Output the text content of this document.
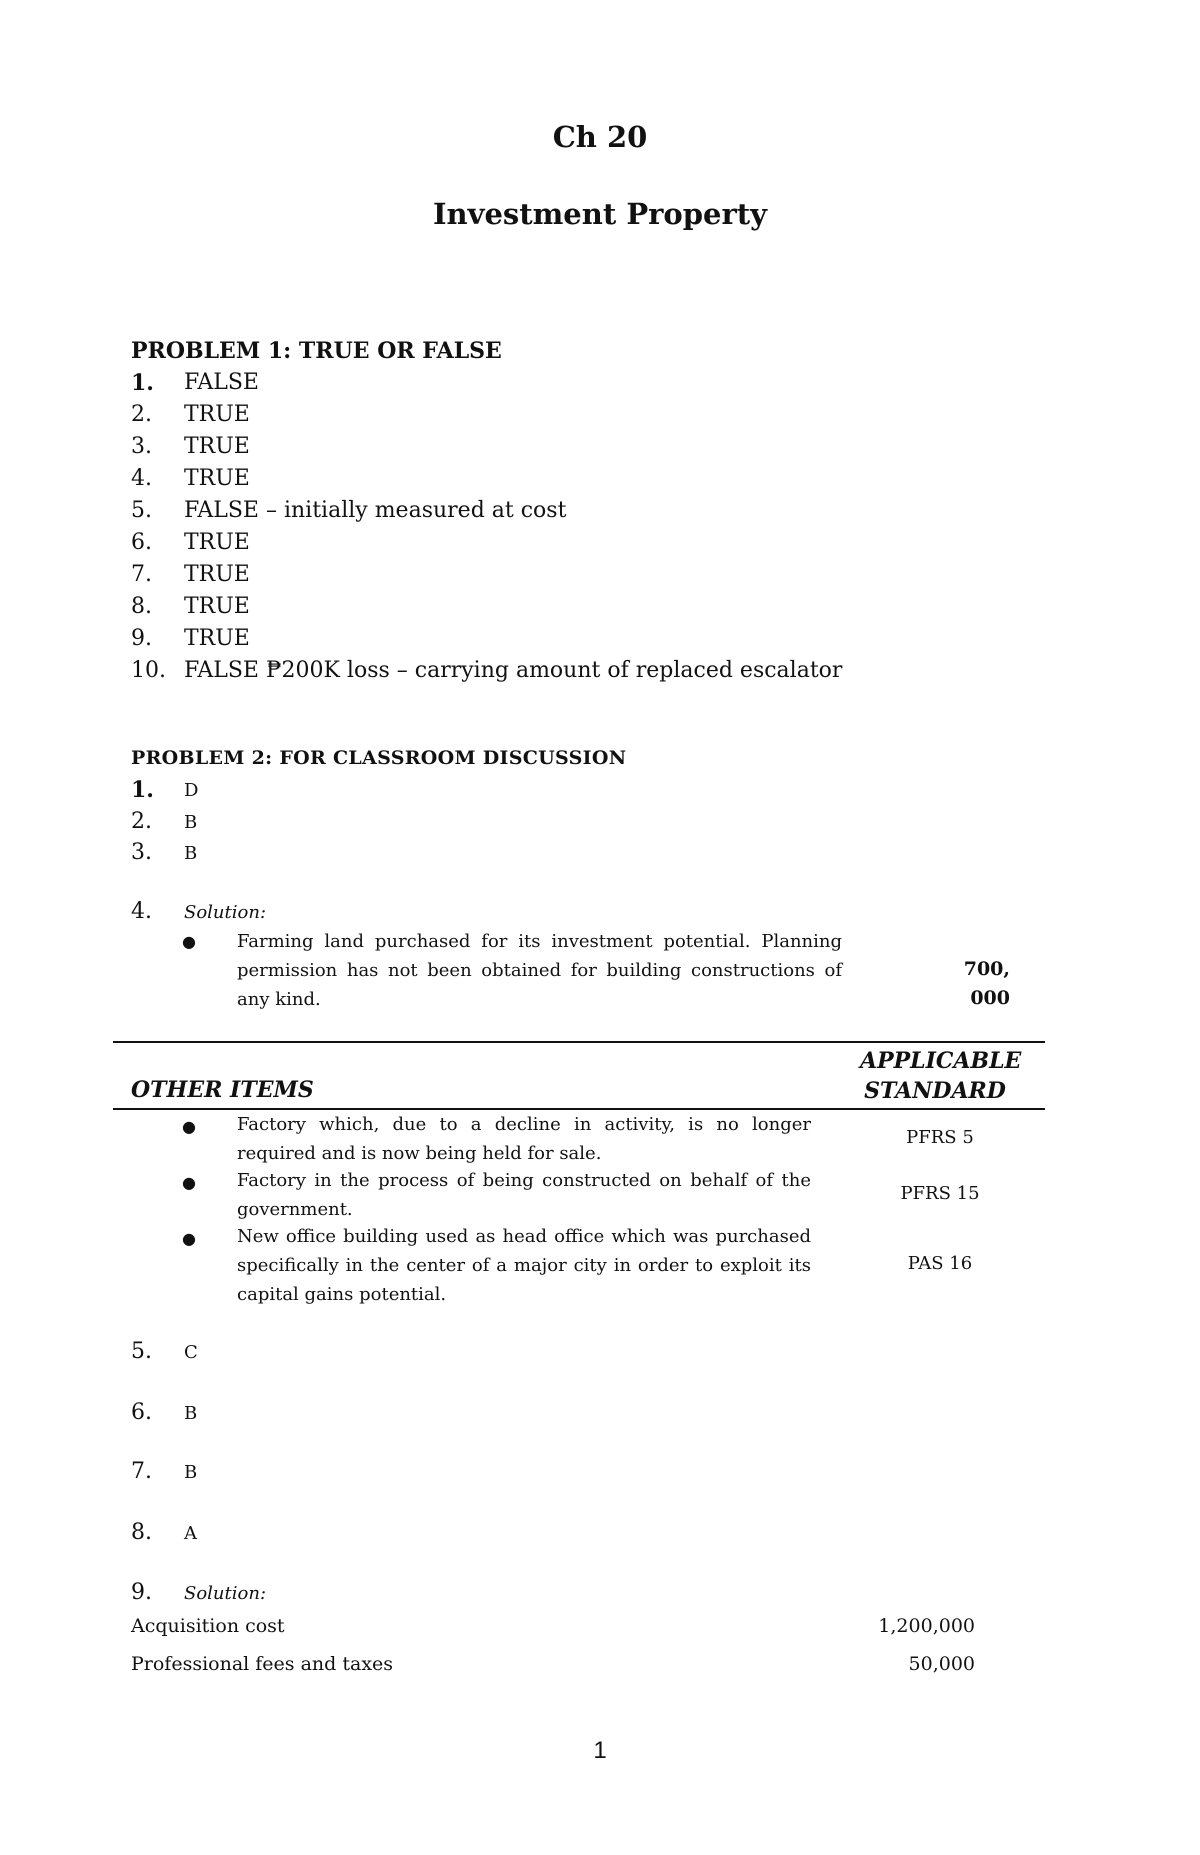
Ch 20
Investment Property
PROBLEM 1: TRUE OR FALSE
1. FALSE
2. TRUE
3. TRUE
4. TRUE
5. FALSE – initially measured at cost
6. TRUE
7. TRUE
8. TRUE
9. TRUE
10. FALSE ₱200K loss – carrying amount of replaced escalator
PROBLEM 2: FOR CLASSROOM DISCUSSION
1. D
2. B
3. B
4. Solution:
● Farming land purchased for its investment potential. Planning permission has not been obtained for building constructions of any kind.

700, 000

OTHER ITEMS
APPLICABLE STANDARD
● Factory which, due to a decline in activity, is no longer required and is now being held for sale.

PFRS 5
● Factory in the process of being constructed on behalf of the government.

PFRS 15
● New office building used as head office which was purchased specifically in the center of a major city in order to exploit its capital gains potential.

PAS 16
5. C
6. B
7. B
8. A
9. Solution:
Acquisition cost	1,200,000
Professional fees and taxes	50,000
1
